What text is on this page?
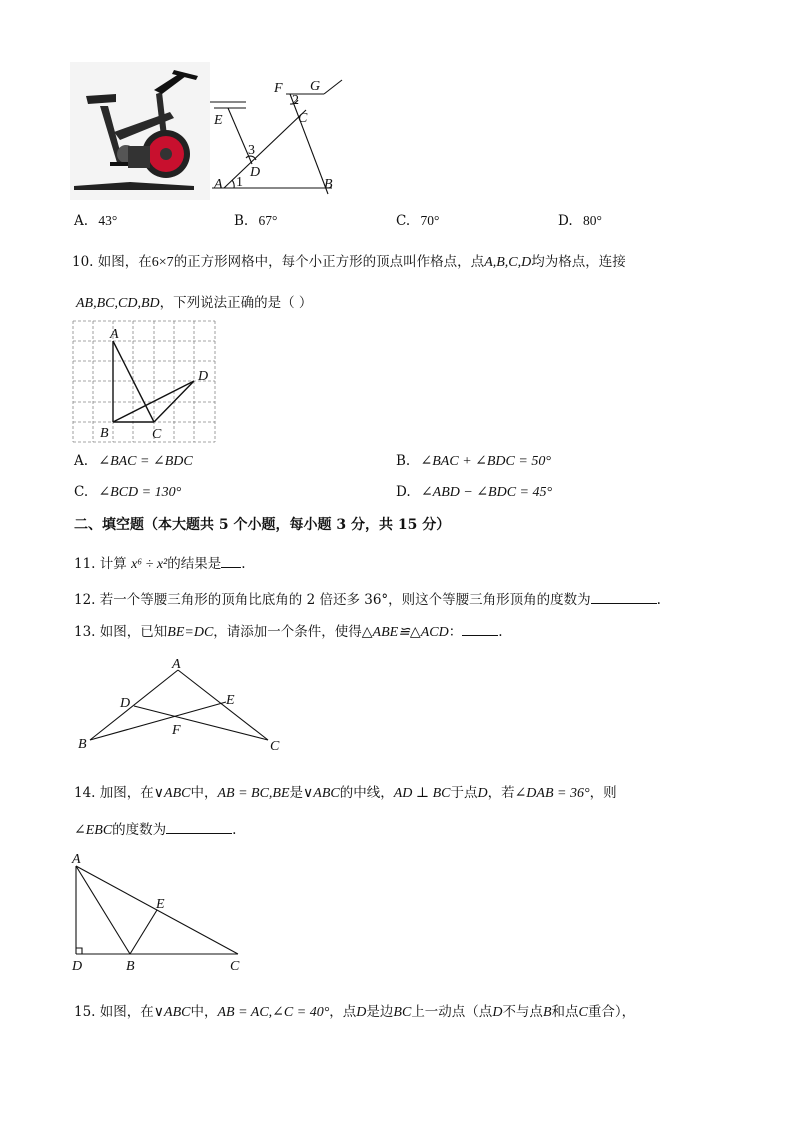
E
F G
C
D
A	B
1
2
3
A. 43°	B. 67°	C. 70°	D. 80°
10. 如图，在6×7的正方形网格中，每个小正方形的顶点叫作格点，点A,B,C,D均为格点，连接
AB,BC,CD,BD，下列说法正确的是（ ）
A
B	C
D
A. ∠BAC = ∠BDC	B. ∠BAC + ∠BDC = 50°
C. ∠BCD = 130°	D. ∠ABD − ∠BDC = 45°
二、填空题（本大题共 5 个小题，每小题 3 分，共 15 分）
11. 计算 x⁶ ÷ x²的结果是 .
12. 若一个等腰三角形的顶角比底角的 2 倍还多 36°，则这个等腰三角形顶角的度数为	.
13. 如图，已知BE=DC，请添加一个条件，使得△ABE≌△ACD：	.
A
B	C
D	E
F
14. 加图，在∨ABC中，AB = BC,BE是∨ABC的中线，AD ⊥ BC于点D，若∠DAB = 36°，则
∠EBC的度数为	.
A
D	B	C
E
15. 如图，在∨ABC中，AB = AC,∠C = 40°，点D是边BC上一动点（点D不与点B和点C重合），
